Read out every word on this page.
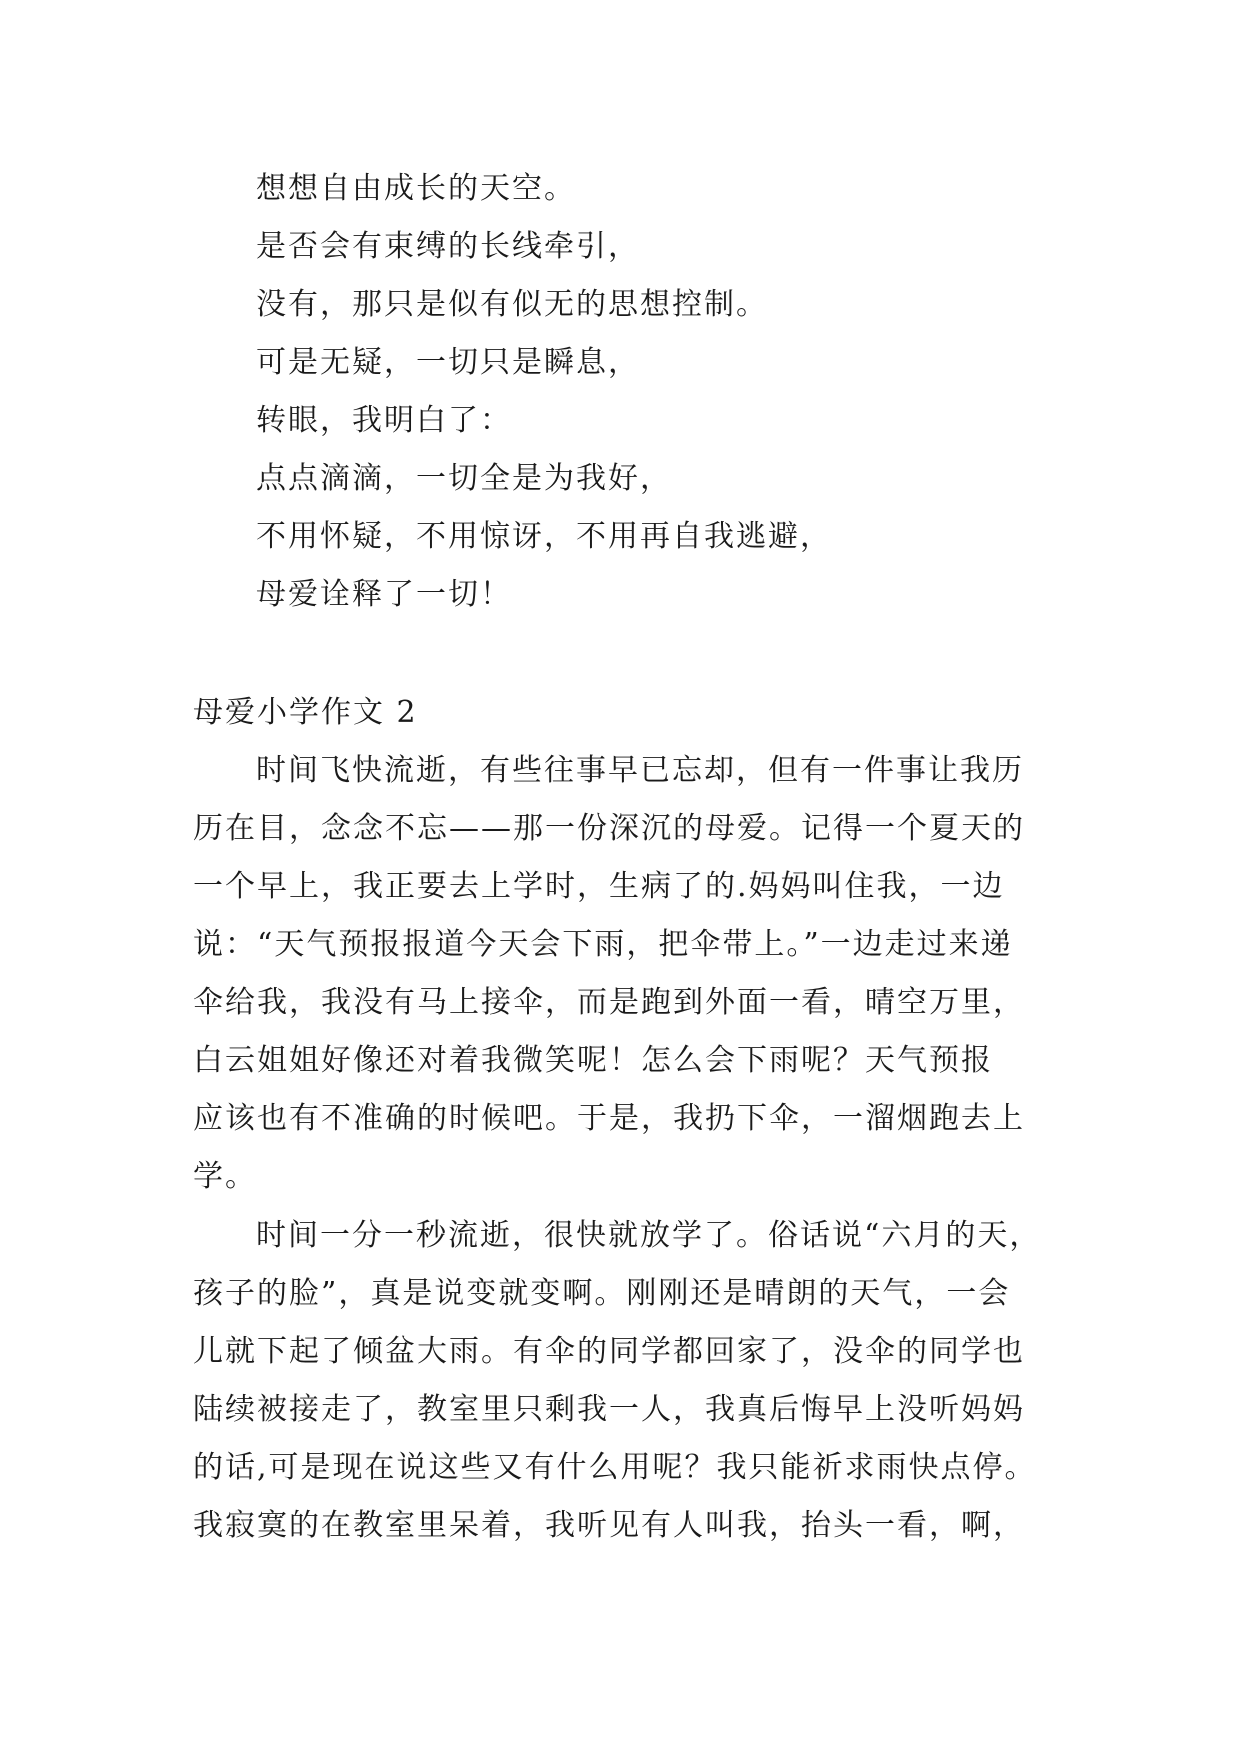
想想自由成长的天空。
是否会有束缚的长线牵引，
没有，那只是似有似无的思想控制。
可是无疑，一切只是瞬息，
转眼，我明白了：
点点滴滴，一切全是为我好，
不用怀疑，不用惊讶，不用再自我逃避，
母爱诠释了一切！
母爱小学作文 2

时间飞快流逝，有些往事早已忘却，但有一件事让我历
历在目，念念不忘——那一份深沉的母爱。记得一个夏天的
一个早上，我正要去上学时，生病了的.妈妈叫住我，一边
说：“天气预报报道今天会下雨，把伞带上。”一边走过来递
伞给我，我没有马上接伞，而是跑到外面一看，晴空万里，
白云姐姐好像还对着我微笑呢！怎么会下雨呢？天气预报
应该也有不准确的时候吧。于是，我扔下伞，一溜烟跑去上
学。

时间一分一秒流逝，很快就放学了。俗话说“六月的天，
孩子的脸”，真是说变就变啊。刚刚还是晴朗的天气，一会
儿就下起了倾盆大雨。有伞的同学都回家了，没伞的同学也
陆续被接走了，教室里只剩我一人，我真后悔早上没听妈妈
的话,可是现在说这些又有什么用呢？我只能祈求雨快点停。
我寂寞的在教室里呆着，我听见有人叫我，抬头一看，啊，
